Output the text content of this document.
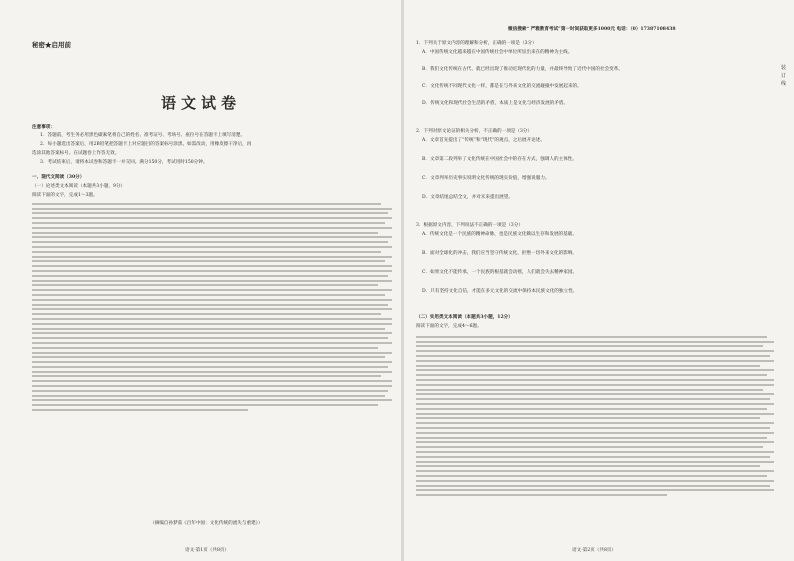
秘密★启用前
语文试卷
注意事项：
1．答题前，考生务必用黑色碳素笔将自己的姓名、准考证号、考场号、座位号在答题卡上填写清楚。
2．每小题选出答案后，用2B铅笔把答题卡上对应题目的答案标号涂黑。如需改动，用橡皮擦干净后，再
选涂其他答案标号。在试题卷上作答无效。
3．考试结束后，请将本试卷和答题卡一并交回。满分150分，考试用时150分钟。
一、现代文阅读（30分）
（一）论述类文本阅读（本题共3小题，9分）
阅读下面的文字，完成1～3题。
（摘编自孙梦茹《百年中国：文化传统的流失与重建》）
语文·第1页（共8页）
微信搜索“ 严雅教育考试”第一时间获取更多1000元 电话：（0）17387108438
1．下列关于原文内容的理解和分析，正确的一项是（3分）
A．中国传统文化越来越在中国传统社会中单位所显出来在的精神为主线。
B．我们文化传统在古代，就已经出现了推动近现代化的力量，并最终导致了近代中国的社会变革。
C．文化传统不同现代文化一样，都是在与外来文化的交流碰撞中发展起来的。
D．传统文化和现代社会生活的矛盾，本质上是文化与经济发展的矛盾。
2．下列对原文论证的相关分析，不正确的一项是（3分）
A．文章首先提出了“传统”和“现代”的观点，之后展开论述。
B．文章第二段列举了文化传统在中国社会中的存在方式，强调人的主体性。
C．文章列举历史事实说明文化传统的现实价值，增强说服力。
D．文章结尾总结全文，并对未来提出展望。
3．根据原文内容，下列说法不正确的一项是（3分）
A．传统文化是一个民族的精神命脉，也是民族文化赖以生存和发展的基础。
B．面对全球化的冲击，我们应当坚守传统文化，拒绝一切外来文化的影响。
C．如果文化不能传承，一个民族的根基就会动摇，人们就会失去精神家园。
D．只有坚持文化自信，才能在多元文化的交流中保持本民族文化的独立性。
（二）实用类文本阅读（本题共3小题，12分）
阅读下面的文字，完成4～6题。
语文·第2页（共8页）
装订线
